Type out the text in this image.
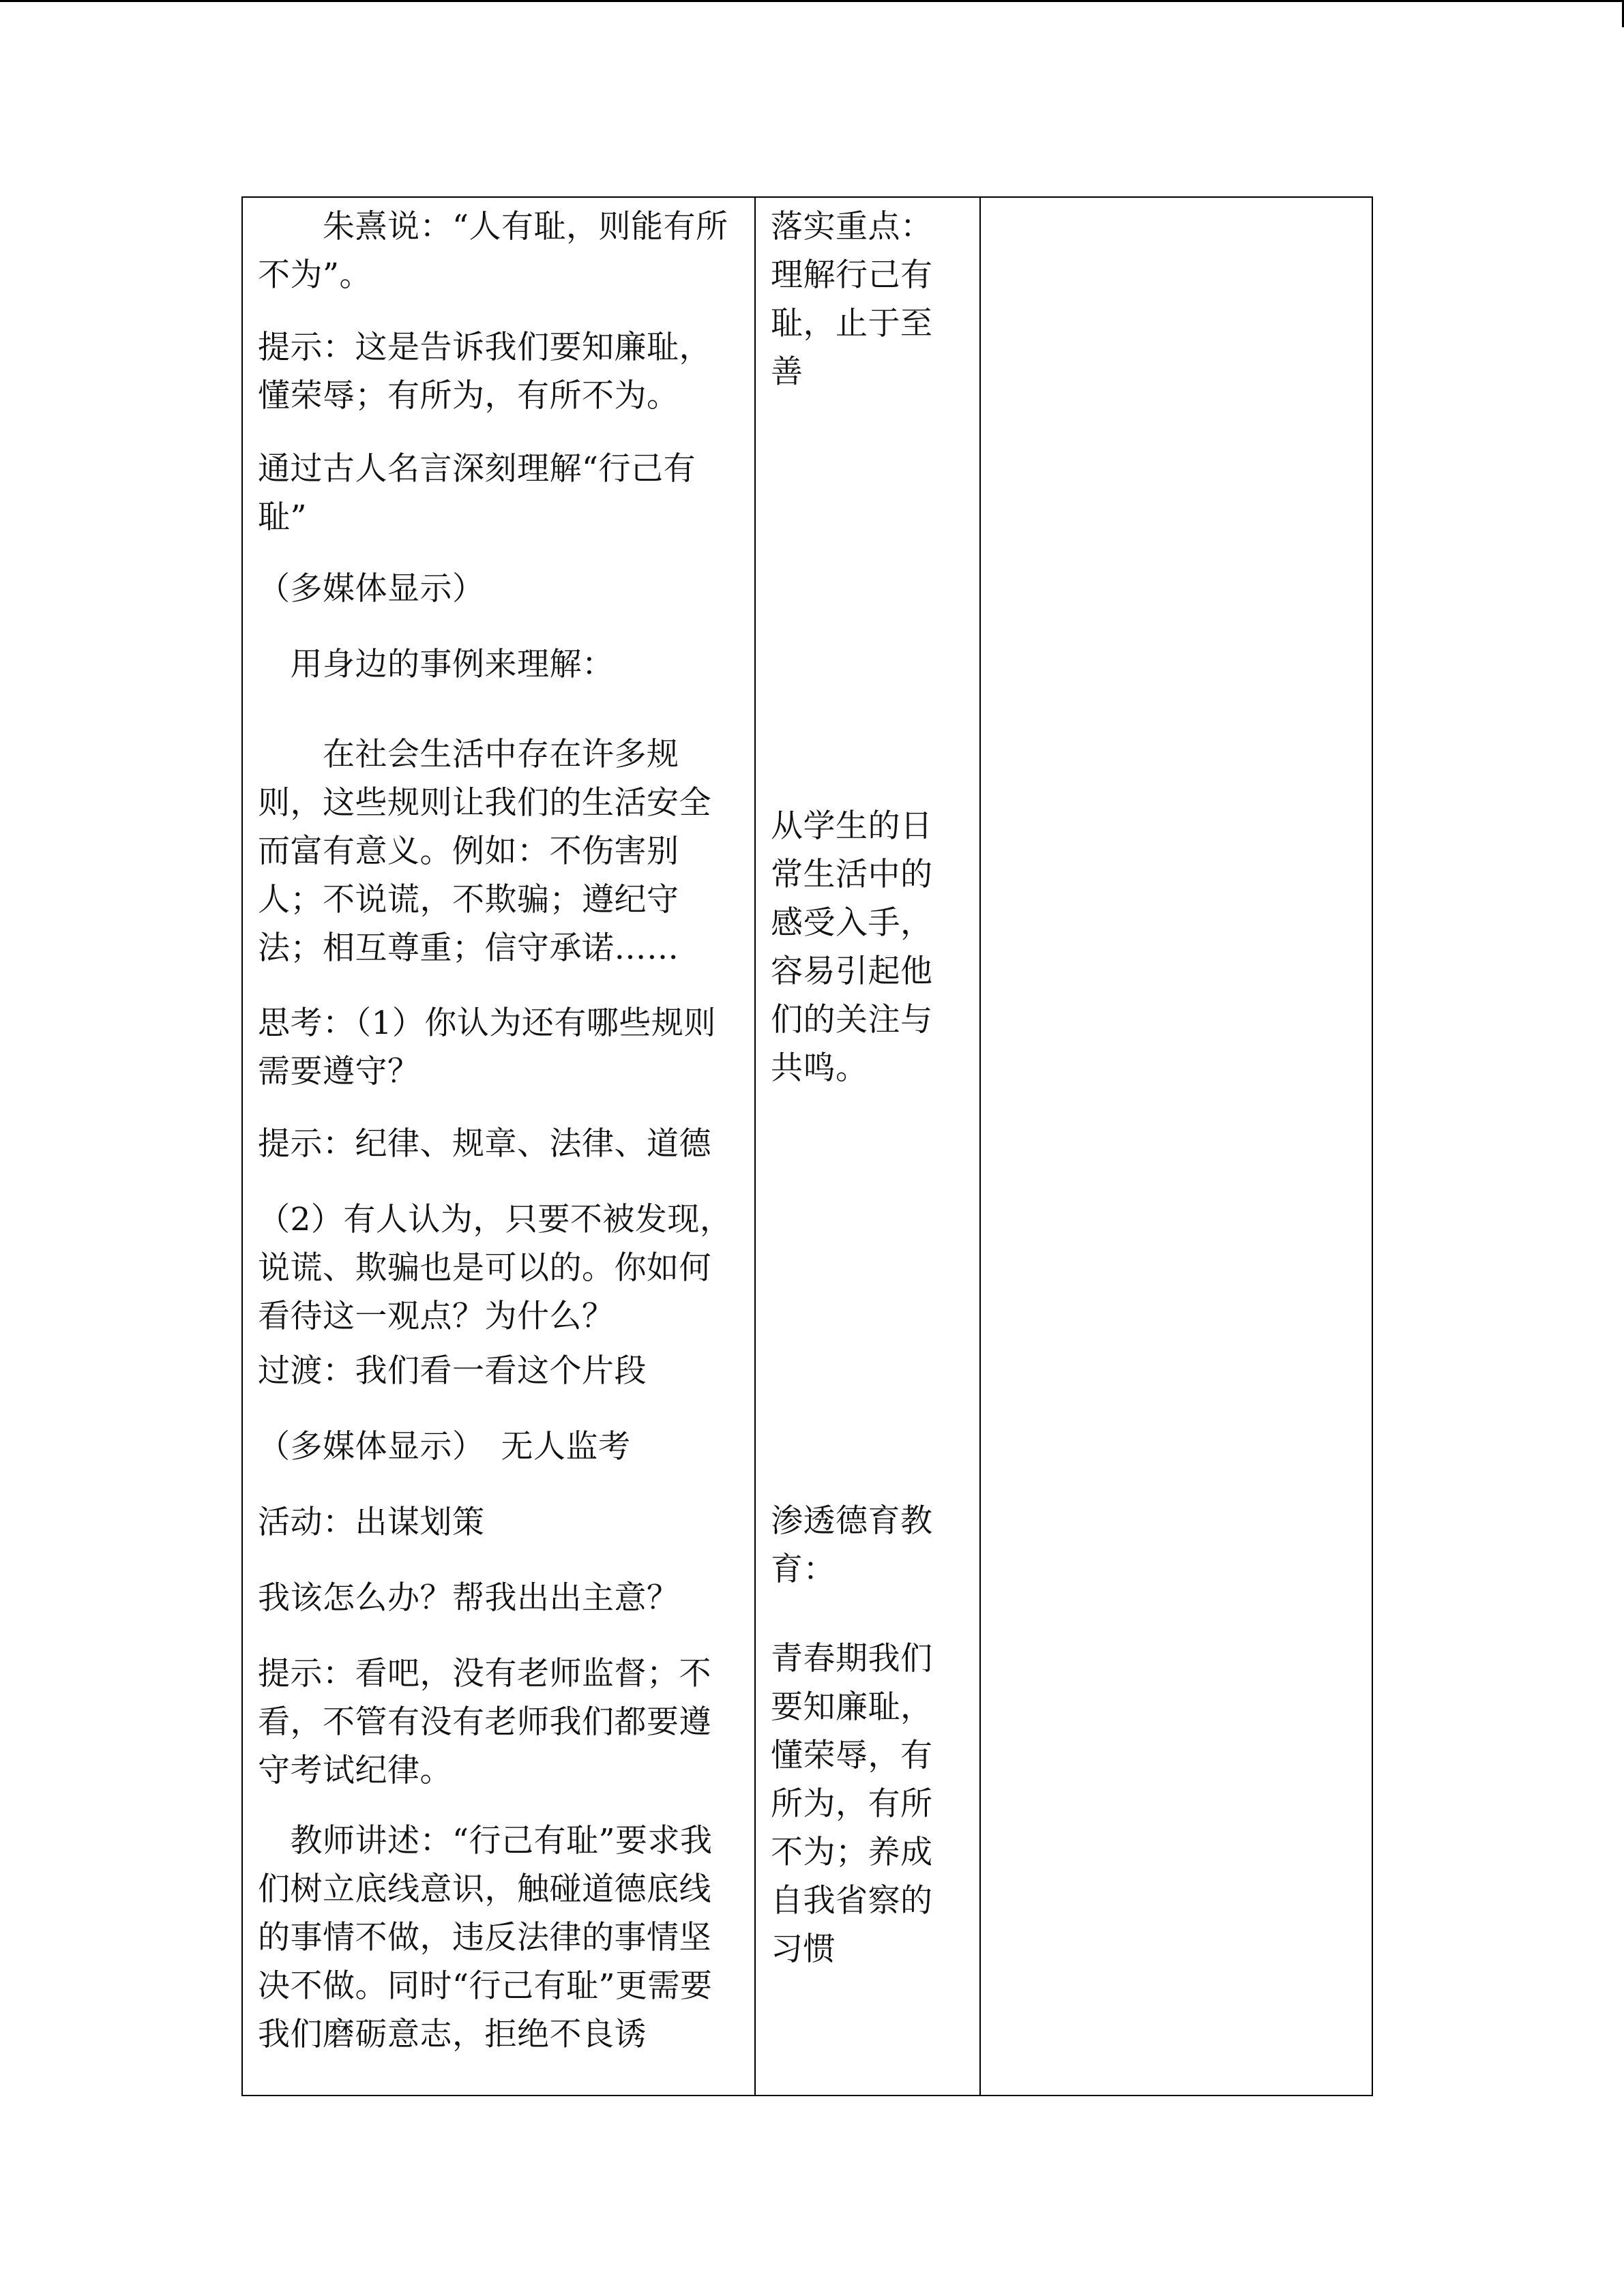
　　朱熹说：“人有耻，则能有所不为”。

提示：这是告诉我们要知廉耻，懂荣辱；有所为，有所不为。

通过古人名言深刻理解“行己有耻”

（多媒体显示）

　用身边的事例来理解：

　　在社会生活中存在许多规则，这些规则让我们的生活安全而富有意义。例如：不伤害别人；不说谎，不欺骗；遵纪守法；相互尊重；信守承诺……

思考：（1）你认为还有哪些规则需要遵守？

提示：纪律、规章、法律、道德

（2）有人认为，只要不被发现，说谎、欺骗也是可以的。你如何看待这一观点？为什么？

过渡：我们看一看这个片段

（多媒体显示）　无人监考

活动：出谋划策

我该怎么办？帮我出出主意？

提示：看吧，没有老师监督；不看，不管有没有老师我们都要遵守考试纪律。

　教师讲述：“行己有耻”要求我们树立底线意识，触碰道德底线的事情不做，违反法律的事情坚决不做。同时“行己有耻”更需要我们磨砺意志，拒绝不良诱

落实重点：理解行己有耻，止于至善

从学生的日常生活中的感受入手，容易引起他们的关注与共鸣。

渗透德育教育：

青春期我们要知廉耻，懂荣辱，有所为，有所不为；养成自我省察的习惯
